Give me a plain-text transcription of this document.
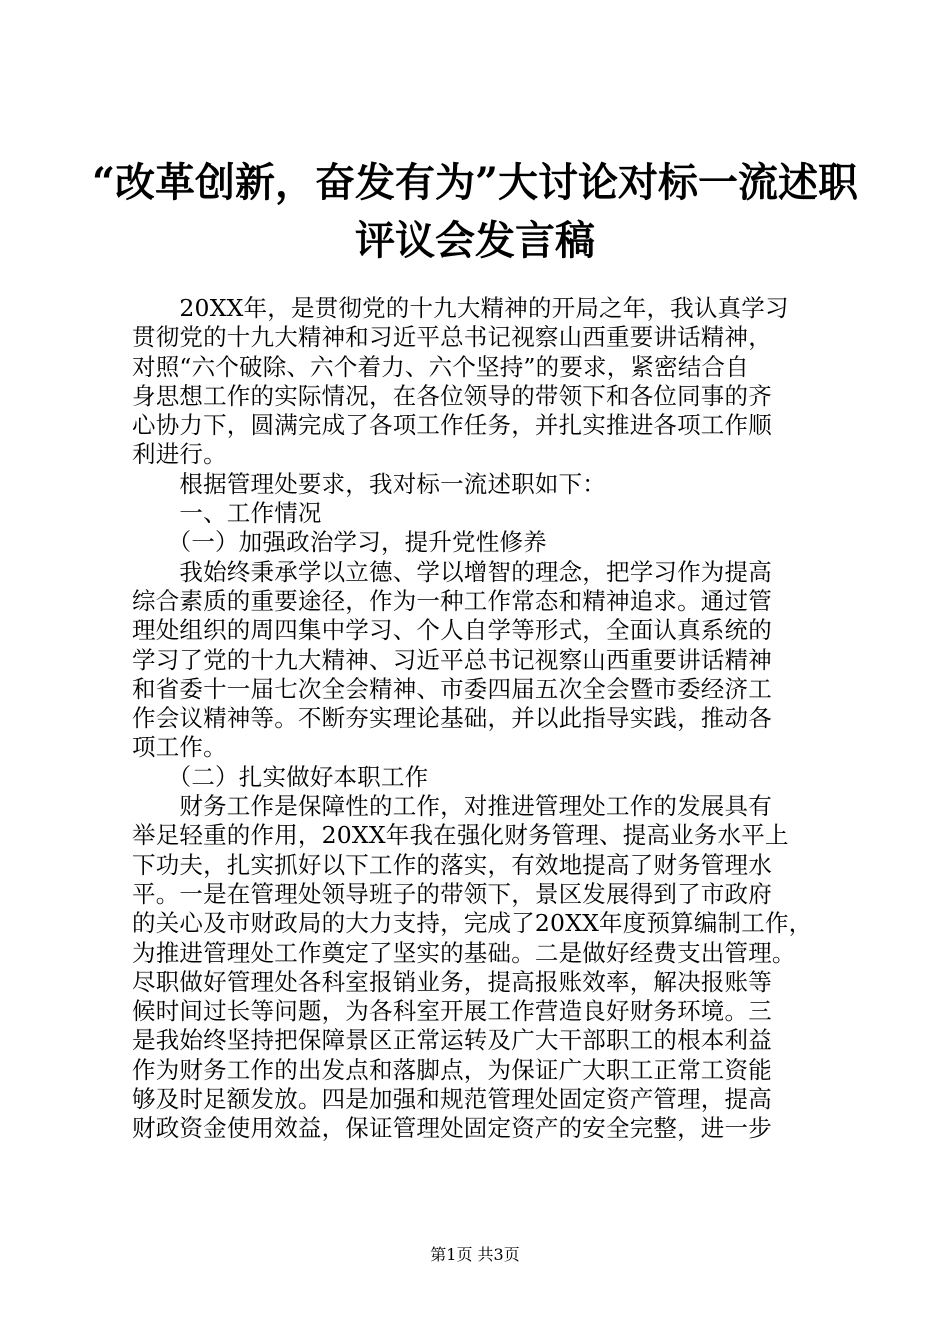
“改革创新，奋发有为”大讨论对标一流述职
评议会发言稿
　　20XX年，是贯彻党的十九大精神的开局之年，我认真学习
贯彻党的十九大精神和习近平总书记视察山西重要讲话精神，
对照“六个破除、六个着力、六个坚持”的要求，紧密结合自
身思想工作的实际情况，在各位领导的带领下和各位同事的齐
心协力下，圆满完成了各项工作任务，并扎实推进各项工作顺
利进行。
　　根据管理处要求，我对标一流述职如下：
　　一、工作情况
　　（一）加强政治学习，提升党性修养
　　我始终秉承学以立德、学以增智的理念，把学习作为提高
综合素质的重要途径，作为一种工作常态和精神追求。通过管
理处组织的周四集中学习、个人自学等形式，全面认真系统的
学习了党的十九大精神、习近平总书记视察山西重要讲话精神
和省委十一届七次全会精神、市委四届五次全会暨市委经济工
作会议精神等。不断夯实理论基础，并以此指导实践，推动各
项工作。
　　（二）扎实做好本职工作
　　财务工作是保障性的工作，对推进管理处工作的发展具有
举足轻重的作用，20XX年我在强化财务管理、提高业务水平上
下功夫，扎实抓好以下工作的落实，有效地提高了财务管理水
平。一是在管理处领导班子的带领下，景区发展得到了市政府
的关心及市财政局的大力支持，完成了20XX年度预算编制工作，
为推进管理处工作奠定了坚实的基础。二是做好经费支出管理。
尽职做好管理处各科室报销业务，提高报账效率，解决报账等
候时间过长等问题，为各科室开展工作营造良好财务环境。三
是我始终坚持把保障景区正常运转及广大干部职工的根本利益
作为财务工作的出发点和落脚点，为保证广大职工正常工资能
够及时足额发放。四是加强和规范管理处固定资产管理，提高
财政资金使用效益，保证管理处固定资产的安全完整，进一步
第1页 共3页
